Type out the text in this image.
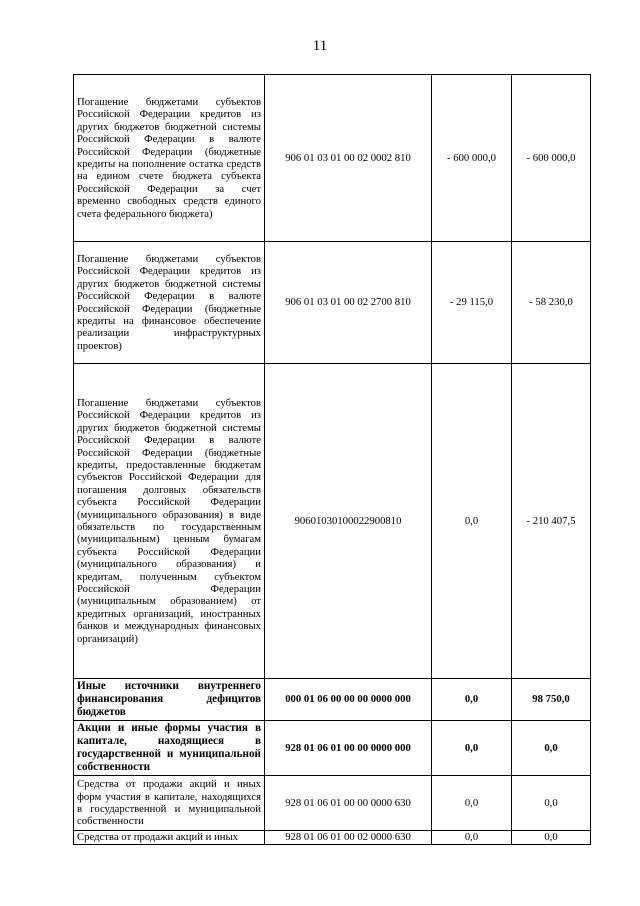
11
Погашение бюджетами субъектов Российской Федерации кредитов из других бюджетов бюджетной системы Российской Федерации в валюте Российской Федерации (бюджетные кредиты на пополнение остатка средств на едином счете бюджета субъекта Российской Федерации за счет временно свободных средств единого счета федерального бюджета)	906 01 03 01 00 02 0002 810	- 600 000,0	- 600 000,0
Погашение бюджетами субъектов Российской Федерации кредитов из других бюджетов бюджетной системы Российской Федерации в валюте Российской Федерации (бюджетные кредиты на финансовое обеспечение реализации инфраструктурных проектов)	906 01 03 01 00 02 2700 810	- 29 115,0	- 58 230,0
Погашение бюджетами субъектов Российской Федерации кредитов из других бюджетов бюджетной системы Российской Федерации в валюте Российской Федерации (бюджетные кредиты, предоставленные бюджетам субъектов Российской Федерации для погашения долговых обязательств субъекта Российской Федерации (муниципального образования) в виде обязательств по государственным (муниципальным) ценным бумагам субъекта Российской Федерации (муниципального образования) и кредитам, полученным субъектом Российской Федерации (муниципальным образованием) от кредитных организаций, иностранных банков и международных финансовых организаций)	90601030100022900810	0,0	- 210 407,5
Иные источники внутреннего финансирования дефицитов бюджетов	000 01 06 00 00 00 0000 000	0,0	98 750,0
Акции и иные формы участия в капитале, находящиеся в государственной и муниципальной собственности	928 01 06 01 00 00 0000 000	0,0	0,0
Средства от продажи акций и иных форм участия в капитале, находящихся в государственной и муниципальной собственности	928 01 06 01 00 00 0000 630	0,0	0,0
Средства от продажи акций и иных	928 01 06 01 00 02 0000 630	0,0	0,0
